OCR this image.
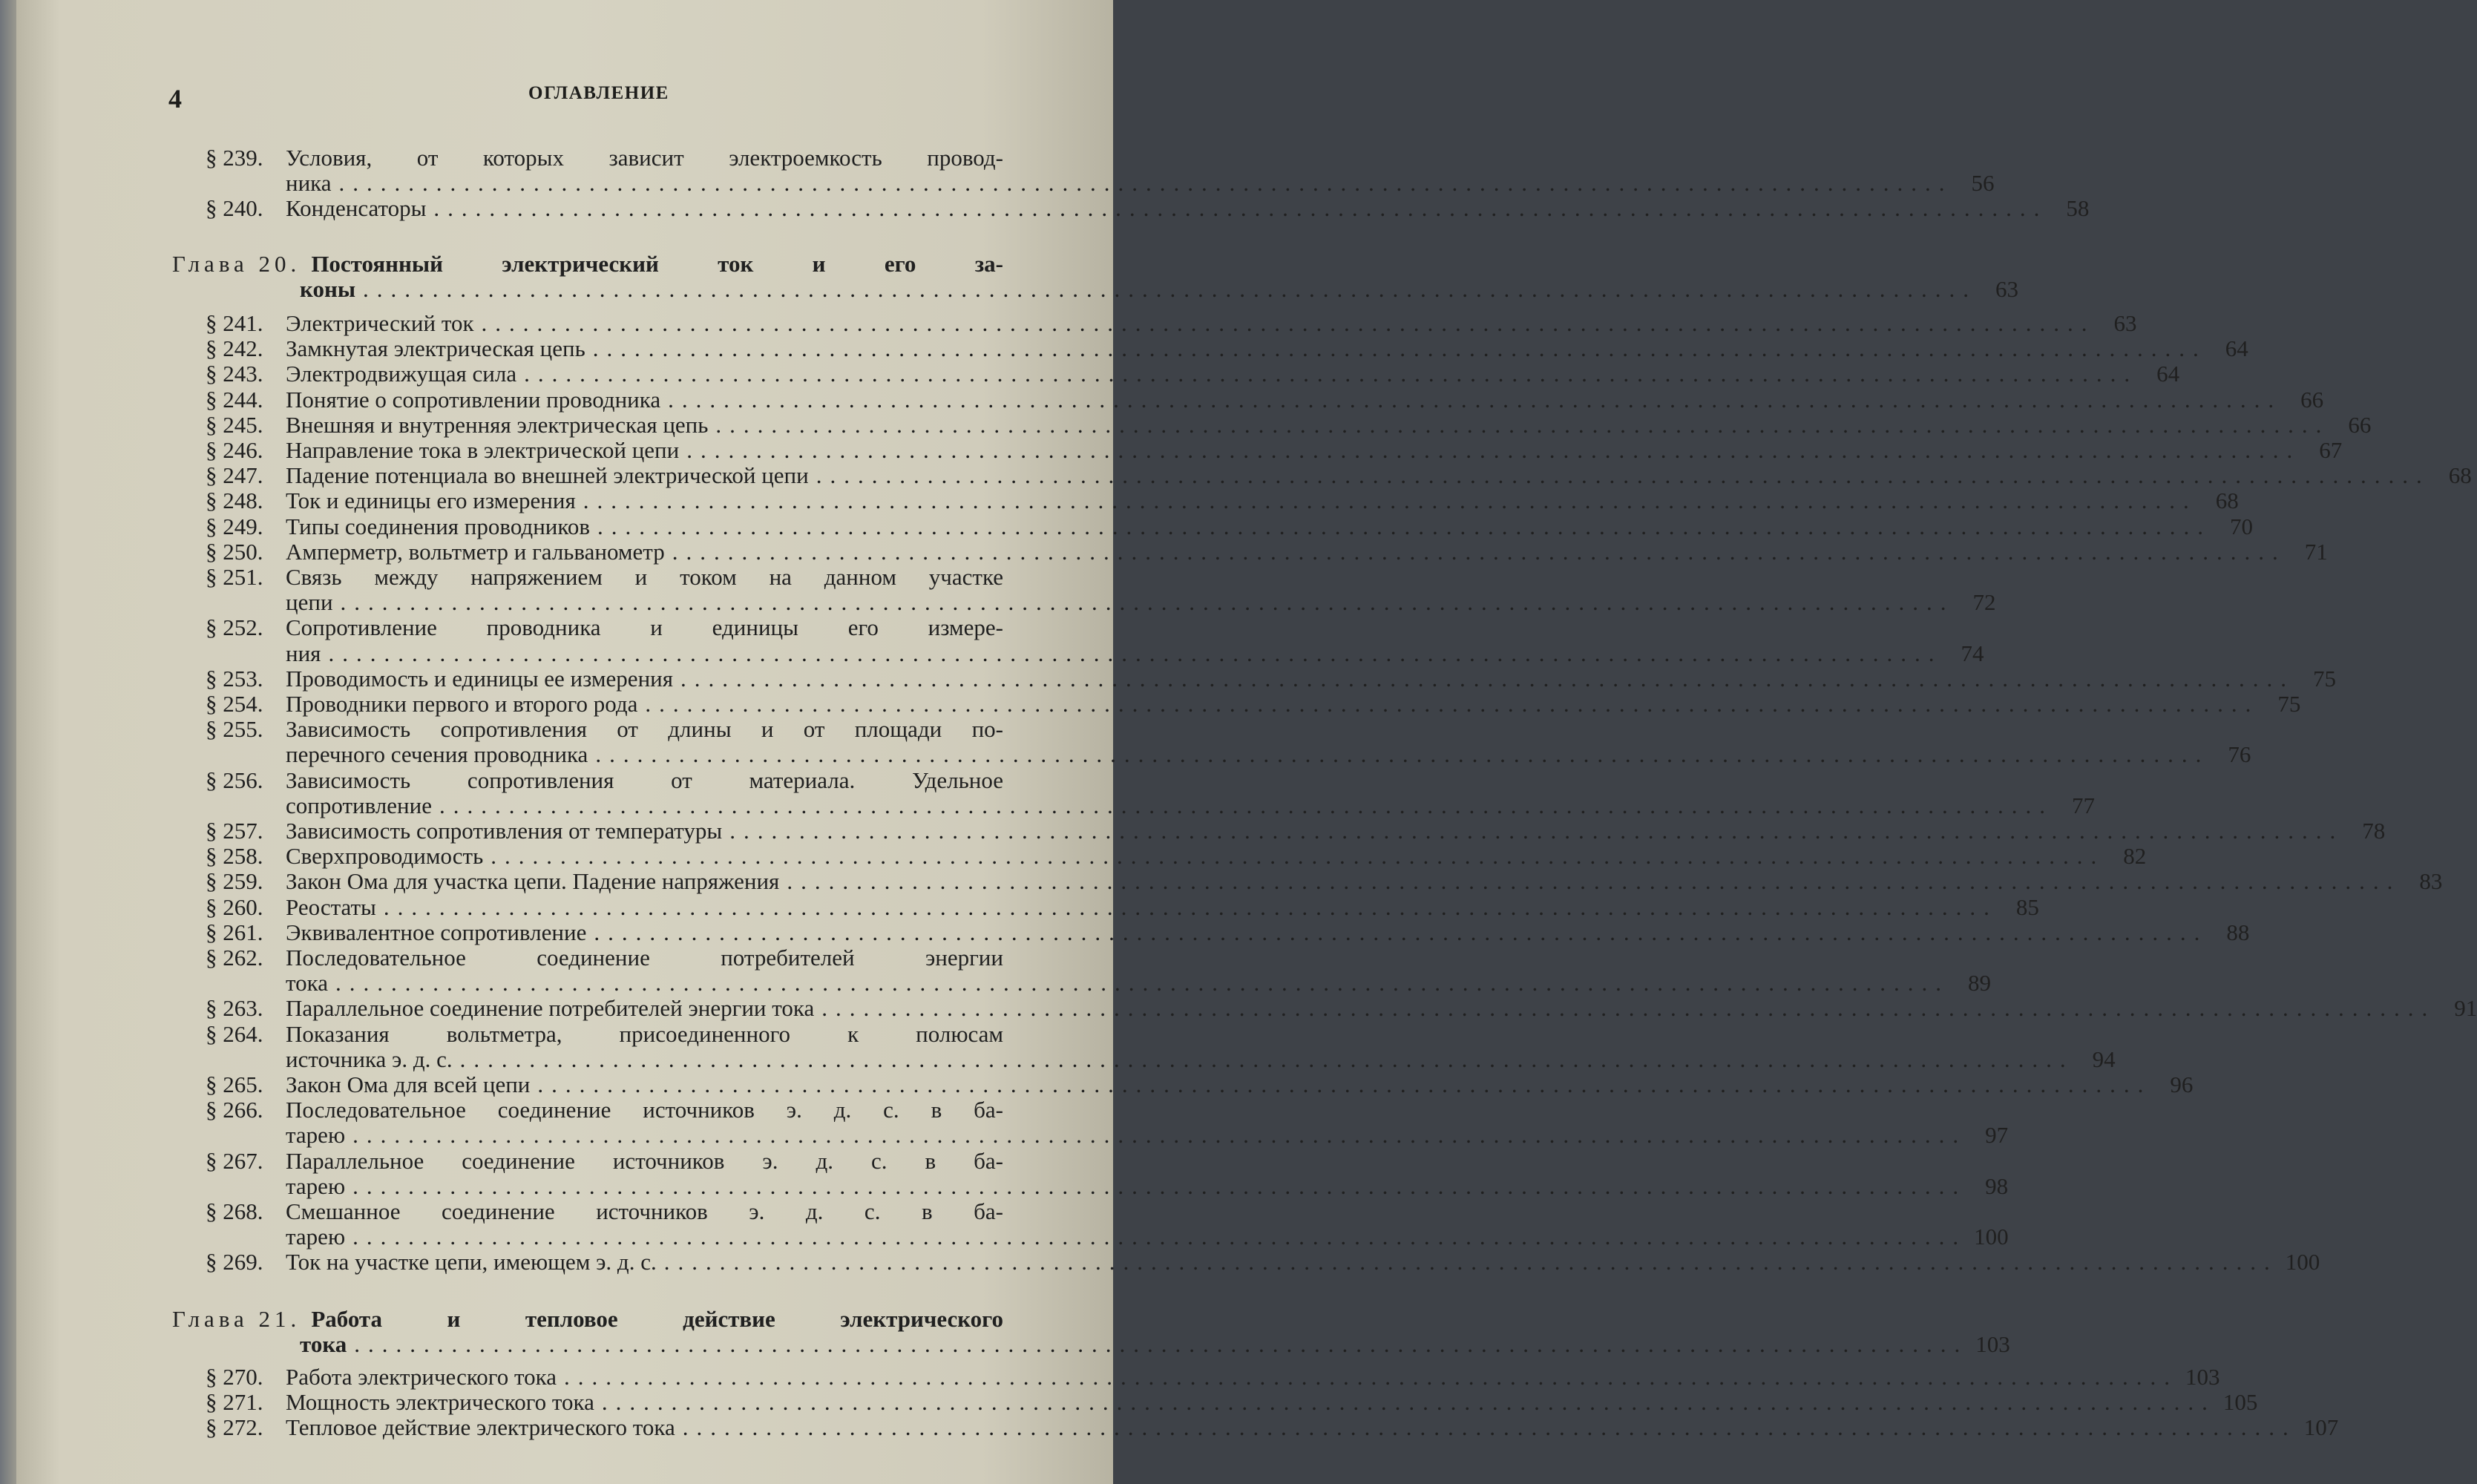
4	ОГЛАВЛЕНИЕ
§ 239. Условия, от которых зависит электроемкость провод-
ника .....	56
§ 240. Конденсаторы .....	58
Глава 20. Постоянный электрический ток и его за-
коны .....	63
§ 241. Электрический ток .....	63
§ 242. Замкнутая электрическая цепь .....	64
§ 243. Электродвижущая сила .....	64
§ 244. Понятие о сопротивлении проводника .....	66
§ 245. Внешняя и внутренняя электрическая цепь .....	66
§ 246. Направление тока в электрической цепи .....	67
§ 247. Падение потенциала во внешней электрической цепи .....	68
§ 248. Ток и единицы его измерения .....	68
§ 249. Типы соединения проводников .....	70
§ 250. Амперметр, вольтметр и гальванометр .....	71
§ 251. Связь между напряжением и током на данном участке
цепи .....	72
§ 252. Сопротивление проводника и единицы его измере-
ния .....	74
§ 253. Проводимость и единицы ее измерения .....	75
§ 254. Проводники первого и второго рода .....	75
§ 255. Зависимость сопротивления от длины и от площади по-
перечного сечения проводника .....	76
§ 256. Зависимость сопротивления от материала. Удельное
сопротивление .....	77
§ 257. Зависимость сопротивления от температуры .....	78
§ 258. Сверхпроводимость .....	82
§ 259. Закон Ома для участка цепи. Падение напряжения .....	83
§ 260. Реостаты .....	85
§ 261. Эквивалентное сопротивление .....	88
§ 262. Последовательное соединение потребителей энергии
тока .....	89
§ 263. Параллельное соединение потребителей энергии тока .....	91
§ 264. Показания вольтметра, присоединенного к полюсам
источника э. д. с. .....	94
§ 265. Закон Ома для всей цепи .....	96
§ 266. Последовательное соединение источников э. д. с. в ба-
тарею .....	97
§ 267. Параллельное соединение источников э. д. с. в ба-
тарею .....	98
§ 268. Смешанное соединение источников э. д. с. в ба-
тарею .....	100
§ 269. Ток на участке цепи, имеющем э. д. с. .....	100
Глава 21. Работа и тепловое действие электрического
тока .....	103
§ 270. Работа электрического тока .....	103
§ 271. Мощность электрического тока .....	105
§ 272. Тепловое действие электрического тока .....	107
